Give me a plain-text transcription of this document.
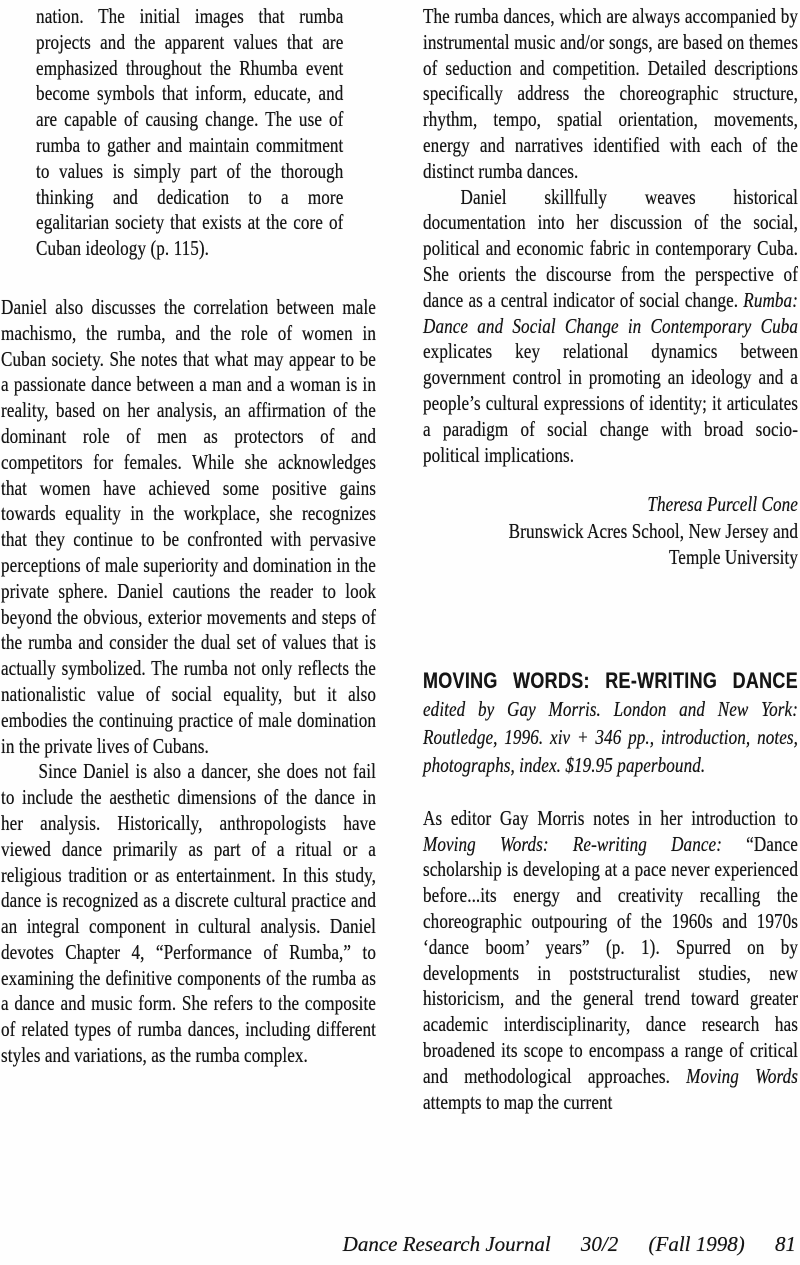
nation. The initial images that rumba projects and the apparent values that are emphasized throughout the Rhumba event become symbols that inform, educate, and are capable of causing change. The use of rumba to gather and maintain commitment to values is simply part of the thorough thinking and dedication to a more egalitarian society that exists at the core of Cuban ideology (p. 115).

Daniel also discusses the correlation between male machismo, the rumba, and the role of women in Cuban society. She notes that what may appear to be a passionate dance between a man and a woman is in reality, based on her analysis, an affirmation of the dominant role of men as protectors of and competitors for females. While she acknowledges that women have achieved some positive gains towards equality in the workplace, she recognizes that they continue to be confronted with pervasive perceptions of male superiority and domination in the private sphere. Daniel cautions the reader to look beyond the obvious, exterior movements and steps of the rumba and consider the dual set of values that is actually symbolized. The rumba not only reflects the nationalistic value of social equality, but it also embodies the continuing practice of male domination in the private lives of Cubans.

Since Daniel is also a dancer, she does not fail to include the aesthetic dimensions of the dance in her analysis. Historically, anthropologists have viewed dance primarily as part of a ritual or a religious tradition or as entertainment. In this study, dance is recognized as a discrete cultural practice and an integral component in cultural analysis. Daniel devotes Chapter 4, “Performance of Rumba,” to examining the definitive components of the rumba as a dance and music form. She refers to the composite of related types of rumba dances, including different styles and variations, as the rumba complex.

The rumba dances, which are always accompanied by instrumental music and/or songs, are based on themes of seduction and competition. Detailed descriptions specifically address the choreographic structure, rhythm, tempo, spatial orientation, movements, energy and narratives identified with each of the distinct rumba dances.

Daniel skillfully weaves historical documentation into her discussion of the social, political and economic fabric in contemporary Cuba. She orients the discourse from the perspective of dance as a central indicator of social change. Rumba: Dance and Social Change in Contemporary Cuba explicates key relational dynamics between government control in promoting an ideology and a people’s cultural expressions of identity; it articulates a paradigm of social change with broad socio-political implications.

Theresa Purcell Cone
Brunswick Acres School, New Jersey and
Temple University

MOVING WORDS: RE-WRITING DANCE edited by Gay Morris. London and New York: Routledge, 1996. xiv + 346 pp., introduction, notes, photographs, index. $19.95 paperbound.

As editor Gay Morris notes in her introduction to Moving Words: Re-writing Dance: “Dance scholarship is developing at a pace never experienced before...its energy and creativity recalling the choreographic outpouring of the 1960s and 1970s ‘dance boom’ years” (p. 1). Spurred on by developments in poststructuralist studies, new historicism, and the general trend toward greater academic interdisciplinarity, dance research has broadened its scope to encompass a range of critical and methodological approaches. Moving Words attempts to map the current

Dance Research Journal 30/2 (Fall 1998) 81
